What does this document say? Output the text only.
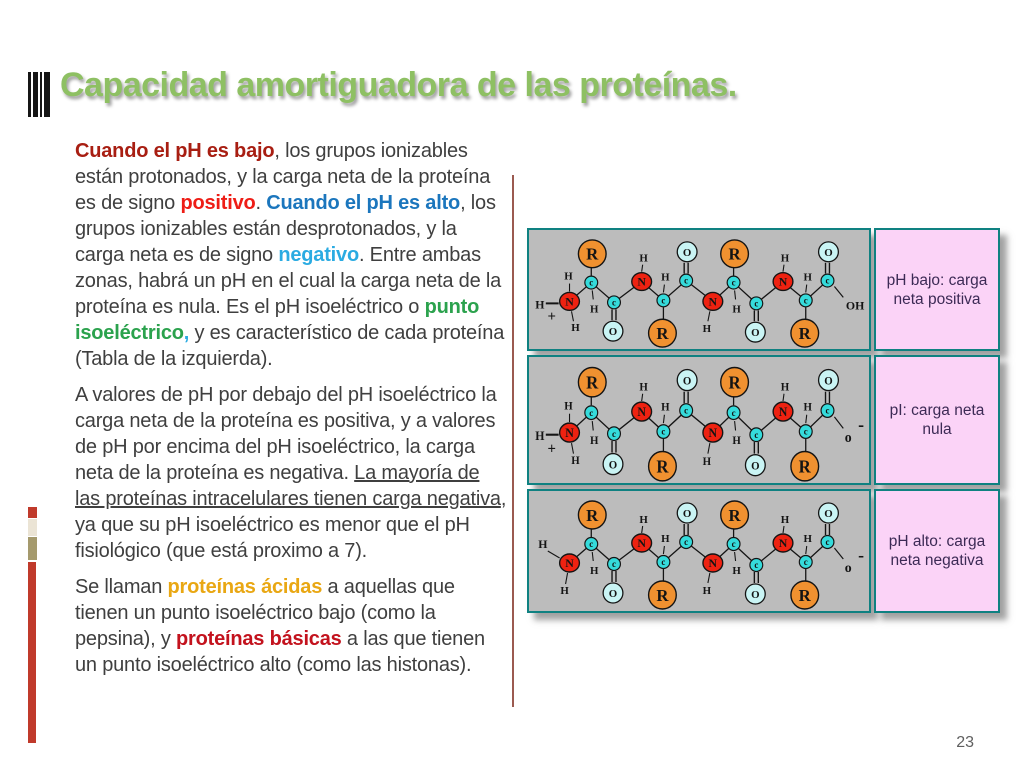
Capacidad amortiguadora de las proteínas.

Cuando el pH es bajo, los grupos ionizables están protonados, y la carga neta de la proteína es de signo positivo. Cuando el pH es alto, los grupos ionizables están desprotonados, y la carga neta es de signo negativo. Entre ambas zonas, habrá un pH en el cual la carga neta de la proteína es nula. Es el pH isoeléctrico o punto isoeléctrico, y es característico de cada proteína (Tabla de la izquierda).

A valores de pH por debajo del pH isoeléctrico la carga neta de la proteína es positiva, y a valores de pH por encima del pH isoeléctrico, la carga neta de la proteína es negativa. La mayoría de las proteínas intracelulares tienen carga negativa, ya que su pH isoeléctrico es menor que el pH fisiológico (que está proximo a 7).

Se llaman proteínas ácidas a aquellas que tienen un punto isoeléctrico bajo (como la pepsina), y proteínas básicas a las que tienen un punto isoeléctrico alto (como las histonas).

R
R
R
R
O
O
O
O
H
H
H
H
H
H
H
H
+
H
H
OH
N
c
c
N
c
c
N
c
c
N
c
c
R
R
R
R
O
O
O
O
H
H
H
H
H
H
H
H
+
H
H
o
-
N
c
c
N
c
c
N
c
c
N
c
c
R
R
R
R
O
O
O
O
H
H
H
H
H
H
H
H
H
o
-
N
c
c
N
c
c
N
c
c
N
c
c
pH bajo: carga
neta positiva
pI: carga neta
nula
pH alto: carga
neta negativa
23
